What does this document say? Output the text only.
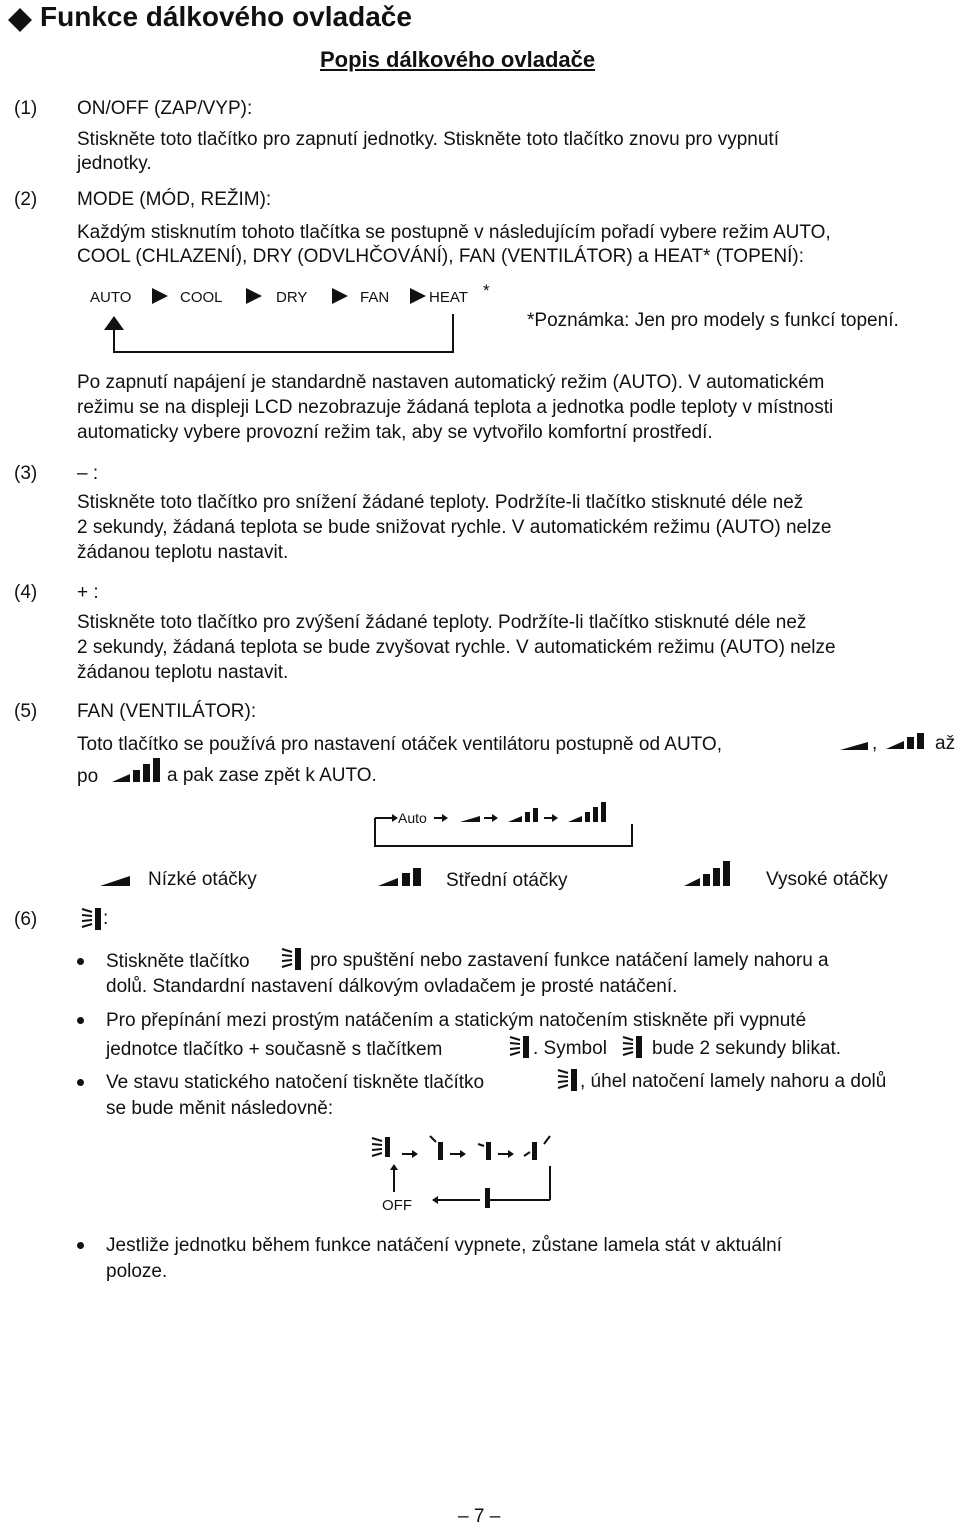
Funkce dálkového ovladače
Popis dálkového ovladače
(1) ON/OFF (ZAP/VYP):
Stiskněte toto tlačítko pro zapnutí jednotky. Stiskněte toto tlačítko znovu pro vypnutí
jednotky.
(2) MODE (MÓD, REŽIM):
Každým stisknutím tohoto tlačítka se postupně v následujícím pořadí vybere režim AUTO,
COOL (CHLAZENÍ), DRY (ODVLHČOVÁNÍ), FAN (VENTILÁTOR) a HEAT* (TOPENÍ):
AUTO	COOL	DRY	FAN	HEAT *
*Poznámka: Jen pro modely s funkcí topení.
Po zapnutí napájení je standardně nastaven automatický režim (AUTO). V automatickém
režimu se na displeji LCD nezobrazuje žádaná teplota a jednotka podle teploty v místnosti
automaticky vybere provozní režim tak, aby se vytvořilo komfortní prostředí.
(3) – :
Stiskněte toto tlačítko pro snížení žádané teploty. Podržíte-li tlačítko stisknuté déle než
2 sekundy, žádaná teplota se bude snižovat rychle. V automatickém režimu (AUTO) nelze
žádanou teplotu nastavit.
(4) + :
Stiskněte toto tlačítko pro zvýšení žádané teploty. Podržíte-li tlačítko stisknuté déle než
2 sekundy, žádaná teplota se bude zvyšovat rychle. V automatickém režimu (AUTO) nelze
žádanou teplotu nastavit.
(5) FAN (VENTILÁTOR):
Toto tlačítko se používá pro nastavení otáček ventilátoru postupně od AUTO,	,	až
po	a pak zase zpět k AUTO.
Auto
Nízké otáčky	Střední otáčky	Vysoké otáčky
(6)	:
Stiskněte tlačítko	pro spuštění nebo zastavení funkce natáčení lamely nahoru a
dolů. Standardní nastavení dálkovým ovladačem je prosté natáčení.
Pro přepínání mezi prostým natáčením a statickým natočením stiskněte při vypnuté
jednotce tlačítko + současně s tlačítkem	. Symbol bude 2 sekundy blikat.
Ve stavu statického natočení tiskněte tlačítko	, úhel natočení lamely nahoru a dolů
se bude měnit následovně:
OFF
Jestliže jednotku během funkce natáčení vypnete, zůstane lamela stát v aktuální
poloze.
– 7 –
